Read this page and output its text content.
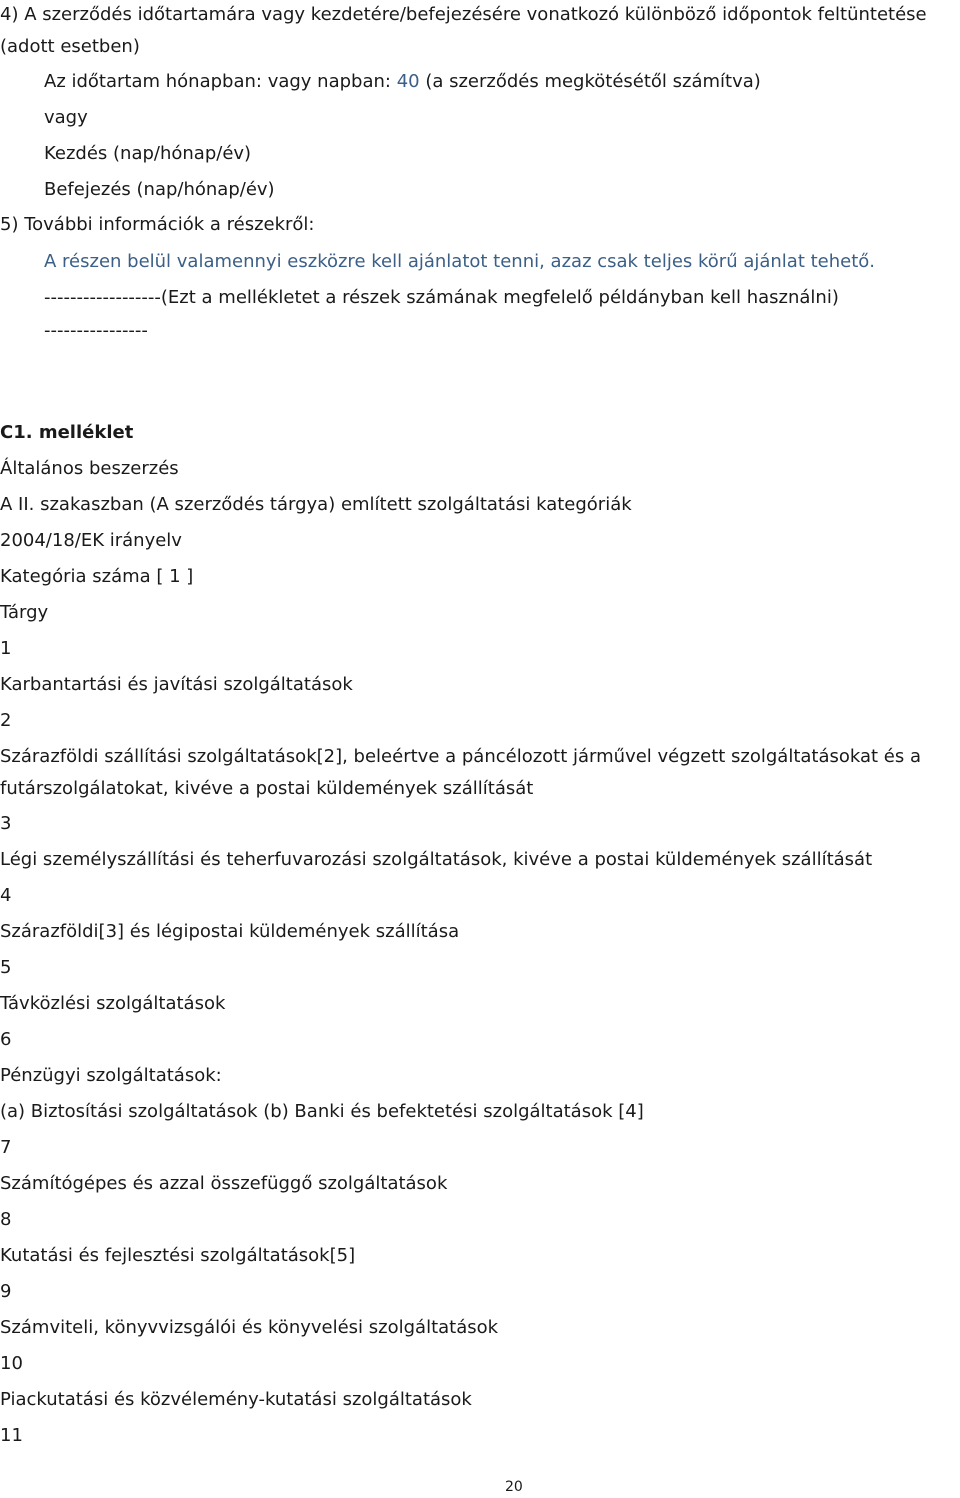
4) A szerződés időtartamára vagy kezdetére/befejezésére vonatkozó különböző időpontok feltüntetése
(adott esetben)
Az időtartam hónapban: vagy napban: 40 (a szerződés megkötésétől számítva)
vagy
Kezdés (nap/hónap/év)
Befejezés (nap/hónap/év)
5) További információk a részekről:
A részen belül valamennyi eszközre kell ajánlatot tenni, azaz csak teljes körű ajánlat tehető.
------------------(Ezt a mellékletet a részek számának megfelelő példányban kell használni)
----------------
C1. melléklet
Általános beszerzés
A II. szakaszban (A szerződés tárgya) említett szolgáltatási kategóriák
2004/18/EK irányelv
Kategória száma [ 1 ]
Tárgy
1
Karbantartási és javítási szolgáltatások
2
Szárazföldi szállítási szolgáltatások[2], beleértve a páncélozott járművel végzett szolgáltatásokat és a futárszolgálatokat, kivéve a postai küldemények szállítását
3
Légi személyszállítási és teherfuvarozási szolgáltatások, kivéve a postai küldemények szállítását
4
Szárazföldi[3] és légipostai küldemények szállítása
5
Távközlési szolgáltatások
6
Pénzügyi szolgáltatások:
(a) Biztosítási szolgáltatások (b) Banki és befektetési szolgáltatások [4]
7
Számítógépes és azzal összefüggő szolgáltatások
8
Kutatási és fejlesztési szolgáltatások[5]
9
Számviteli, könyvvizsgálói és könyvelési szolgáltatások
10
Piackutatási és közvélemény-kutatási szolgáltatások
11
20
